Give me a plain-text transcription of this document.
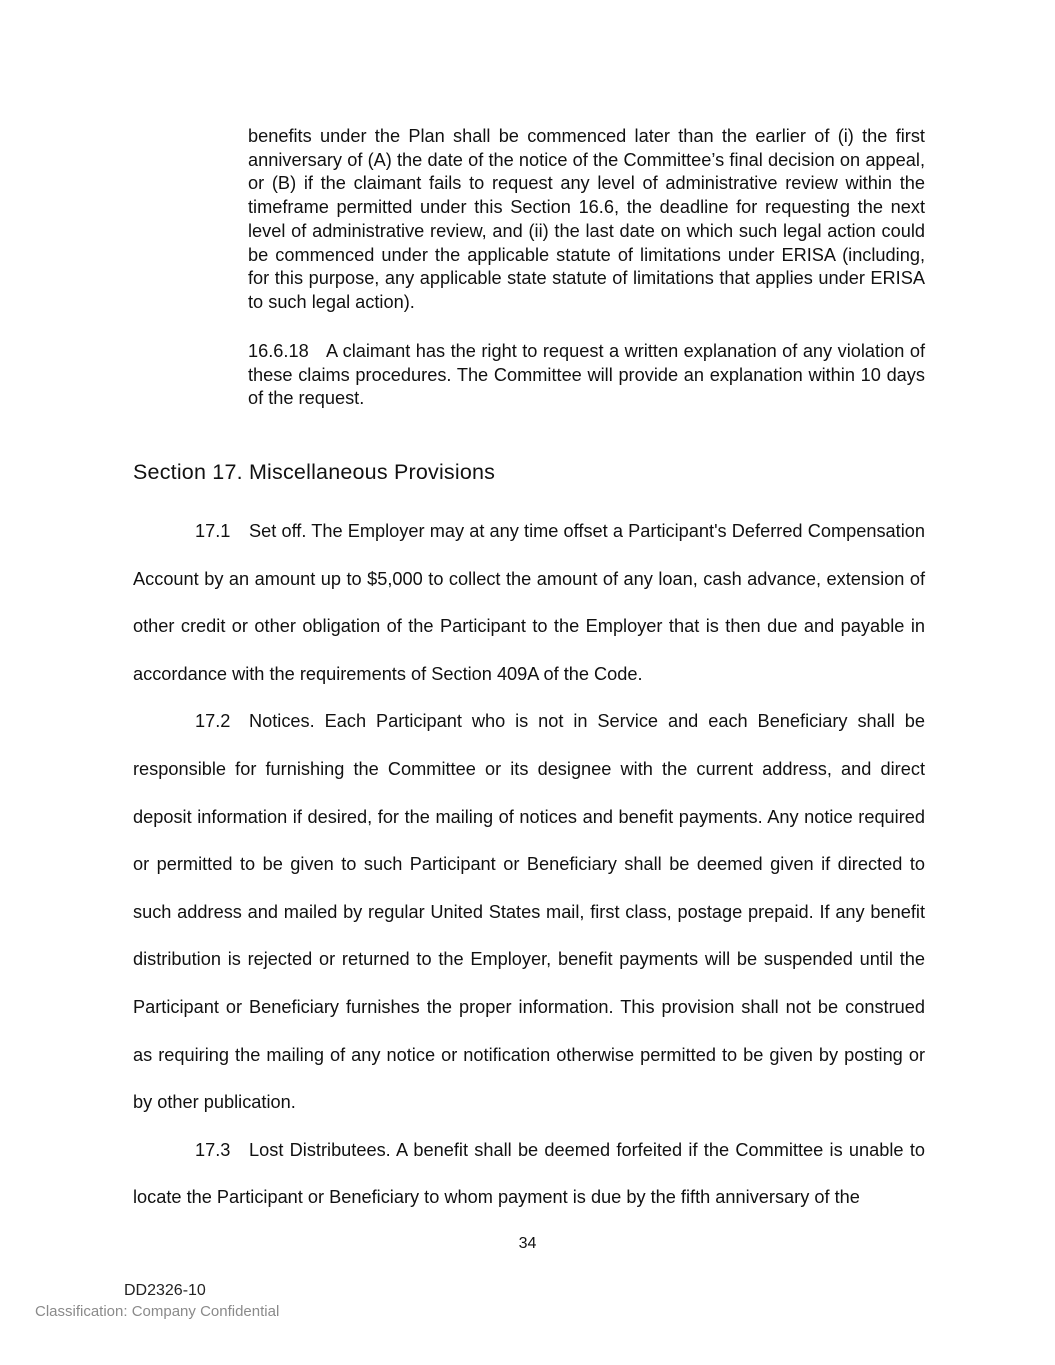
benefits under the Plan shall be commenced later than the earlier of (i) the first anniversary of (A) the date of the notice of the Committee’s final decision on appeal, or (B) if the claimant fails to request any level of administrative review within the timeframe permitted under this Section 16.6, the deadline for requesting the next level of administrative review, and (ii) the last date on which such legal action could be commenced under the applicable statute of limitations under ERISA (including, for this purpose, any applicable state statute of limitations that applies under ERISA to such legal action).

16.6.18 A claimant has the right to request a written explanation of any violation of these claims procedures. The Committee will provide an explanation within 10 days of the request.

Section 17. Miscellaneous Provisions

17.1 Set off. The Employer may at any time offset a Participant's Deferred Compensation Account by an amount up to $5,000 to collect the amount of any loan, cash advance, extension of other credit or other obligation of the Participant to the Employer that is then due and payable in accordance with the requirements of Section 409A of the Code.

17.2 Notices. Each Participant who is not in Service and each Beneficiary shall be responsible for furnishing the Committee or its designee with the current address, and direct deposit information if desired, for the mailing of notices and benefit payments. Any notice required or permitted to be given to such Participant or Beneficiary shall be deemed given if directed to such address and mailed by regular United States mail, first class, postage prepaid. If any benefit distribution is rejected or returned to the Employer, benefit payments will be suspended until the Participant or Beneficiary furnishes the proper information. This provision shall not be construed as requiring the mailing of any notice or notification otherwise permitted to be given by posting or by other publication.

17.3 Lost Distributees. A benefit shall be deemed forfeited if the Committee is unable to locate the Participant or Beneficiary to whom payment is due by the fifth anniversary of the

34
DD2326-10
Classification: Company Confidential
